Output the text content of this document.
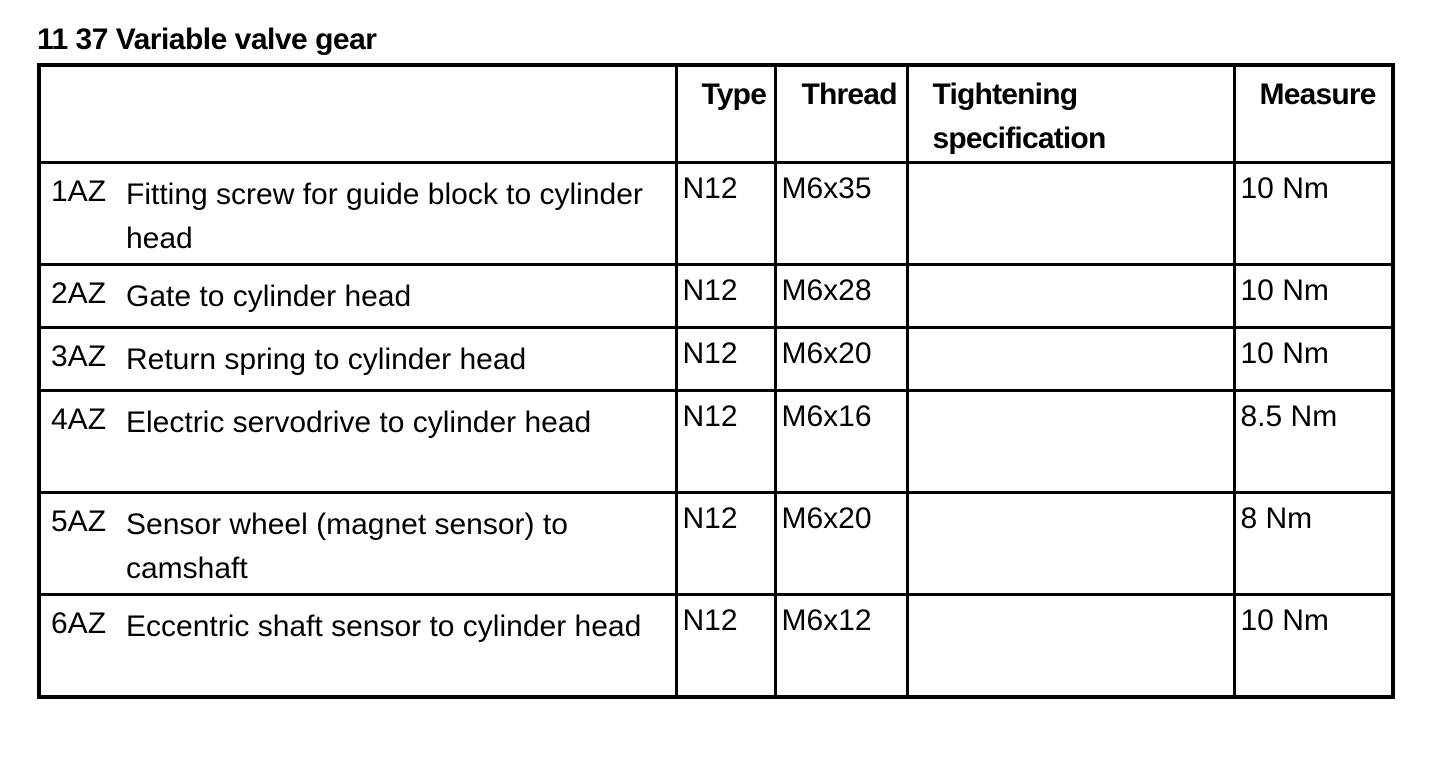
11 37 Variable valve gear

	Type	Thread	Tightening specification	Measure

1AZ Fitting screw for guide block to cylinder head	N12	M6x35		10 Nm

2AZ Gate to cylinder head	N12	M6x28		10 Nm

3AZ Return spring to cylinder head	N12	M6x20		10 Nm

4AZ Electric servodrive to cylinder head	N12	M6x16		8.5 Nm

5AZ Sensor wheel (magnet sensor) to camshaft	N12	M6x20		8 Nm

6AZ Eccentric shaft sensor to cylinder head	N12	M6x12		10 Nm
